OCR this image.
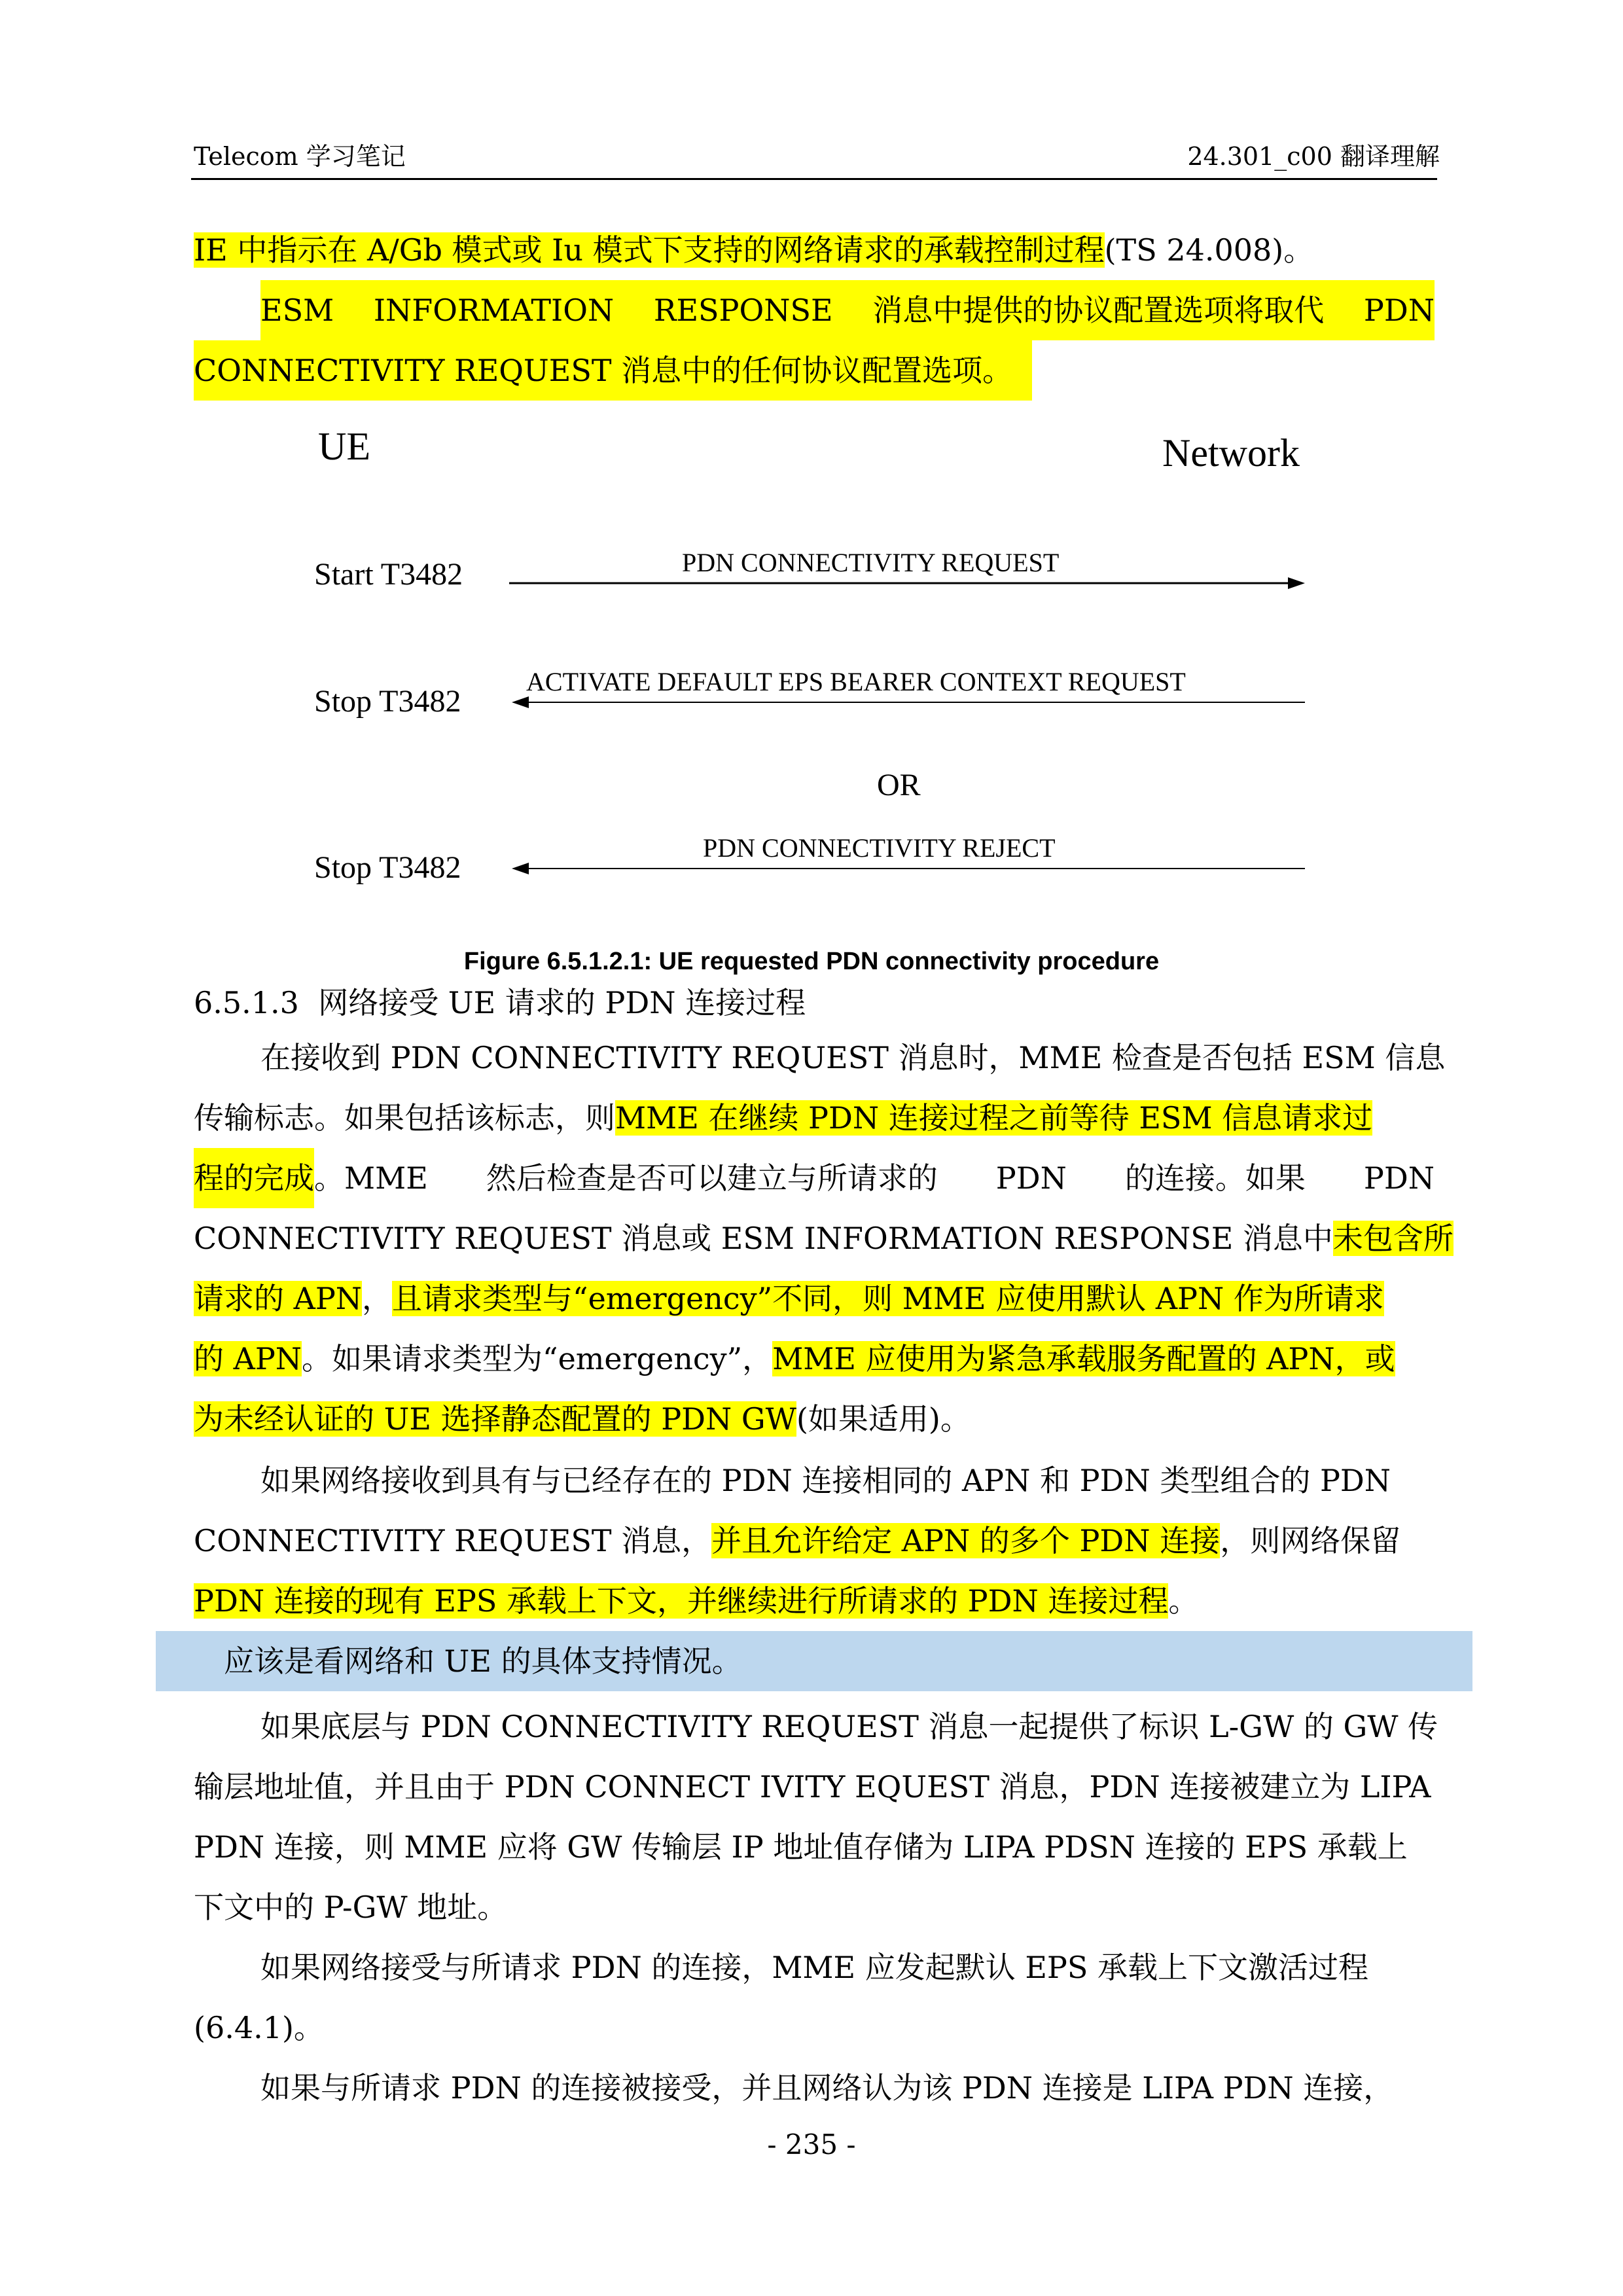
Telecom 学习笔记	24.301_c00 翻译理解
IE 中指示在 A/Gb 模式或 Iu 模式下支持的网络请求的承载控制过程(TS 24.008)。
ESM INFORMATION RESPONSE 消息中提供的协议配置选项将取代 PDN
CONNECTIVITY REQUEST 消息中的任何协议配置选项。
UE	Network
Start T3482	PDN CONNECTIVITY REQUEST
Stop T3482
ACTIVATE DEFAULT EPS BEARER CONTEXT REQUEST
OR
Stop T3482
PDN CONNECTIVITY REJECT
Figure 6.5.1.2.1: UE requested PDN connectivity procedure
6.5.1.3 网络接受 UE 请求的 PDN 连接过程
在接收到 PDN CONNECTIVITY REQUEST 消息时，MME 检查是否包括 ESM 信息
传输标志。如果包括该标志，则MME 在继续 PDN 连接过程之前等待 ESM 信息请求过
程的完成 。MME 然后检查是否可以建立与所请求的 PDN 的连接。如果 PDN
CONNECTIVITY REQUEST 消息或 ESM INFORMATION RESPONSE 消息中未包含所
请求的 APN，且请求类型与“emergency”不同，则 MME 应使用默认 APN 作为所请求
的 APN。如果请求类型为“emergency”，MME 应使用为紧急承载服务配置的 APN，或
为未经认证的 UE 选择静态配置的 PDN GW(如果适用)。
如果网络接收到具有与已经存在的 PDN 连接相同的 APN 和 PDN 类型组合的 PDN
CONNECTIVITY REQUEST 消息，并且允许给定 APN 的多个 PDN 连接，则网络保留
PDN 连接的现有 EPS 承载上下文，并继续进行所请求的 PDN 连接过程。
应该是看网络和 UE 的具体支持情况。
如果底层与 PDN CONNECTIVITY REQUEST 消息一起提供了标识 L-GW 的 GW 传
输层地址值，并且由于 PDN CONNECT IVITY EQUEST 消息，PDN 连接被建立为 LIPA
PDN 连接，则 MME 应将 GW 传输层 IP 地址值存储为 LIPA PDSN 连接的 EPS 承载上
下文中的 P-GW 地址。
如果网络接受与所请求 PDN 的连接，MME 应发起默认 EPS 承载上下文激活过程
(6.4.1)。
如果与所请求 PDN 的连接被接受，并且网络认为该 PDN 连接是 LIPA PDN 连接，
- 235 -
